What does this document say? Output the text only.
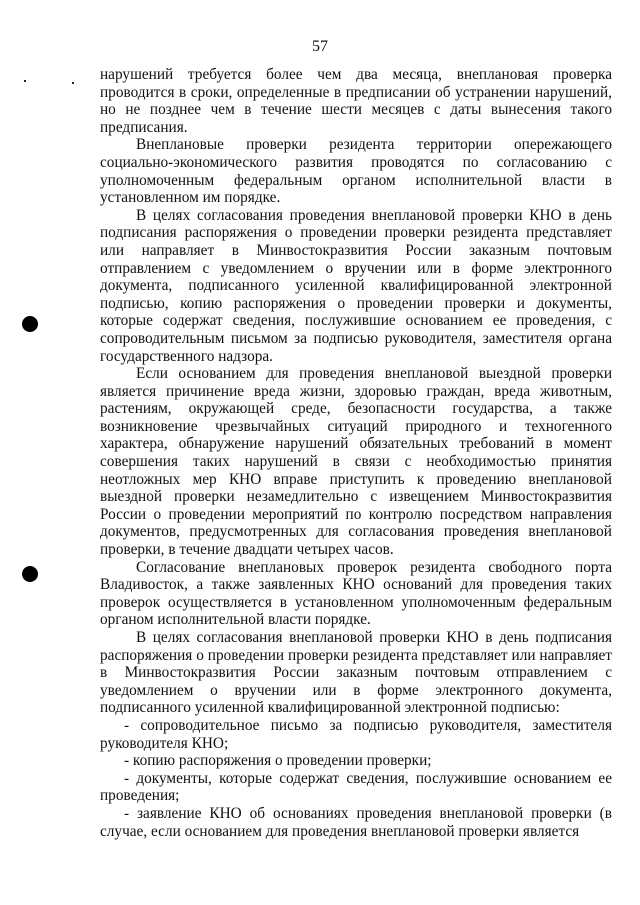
57

нарушений требуется более чем два месяца, внеплановая проверка проводится в сроки, определенные в предписании об устранении нарушений, но не позднее чем в течение шести месяцев с даты вынесения такого предписания.

Внеплановые проверки резидента территории опережающего социально-экономического развития проводятся по согласованию с уполномоченным федеральным органом исполнительной власти в установленном им порядке.

В целях согласования проведения внеплановой проверки КНО в день подписания распоряжения о проведении проверки резидента представляет или направляет в Минвостокразвития России заказным почтовым отправлением с уведомлением о вручении или в форме электронного документа, подписанного усиленной квалифицированной электронной подписью, копию распоряжения о проведении проверки и документы, которые содержат сведения, послужившие основанием ее проведения, с сопроводительным письмом за подписью руководителя, заместителя органа государственного надзора.

Если основанием для проведения внеплановой выездной проверки является причинение вреда жизни, здоровью граждан, вреда животным, растениям, окружающей среде, безопасности государства, а также возникновение чрезвычайных ситуаций природного и техногенного характера, обнаружение нарушений обязательных требований в момент совершения таких нарушений в связи с необходимостью принятия неотложных мер КНО вправе приступить к проведению внеплановой выездной проверки незамедлительно с извещением Минвостокразвития России о проведении мероприятий по контролю посредством направления документов, предусмотренных для согласования проведения внеплановой проверки, в течение двадцати четырех часов.

Согласование внеплановых проверок резидента свободного порта Владивосток, а также заявленных КНО оснований для проведения таких проверок осуществляется в установленном уполномоченным федеральным органом исполнительной власти порядке.

В целях согласования внеплановой проверки КНО в день подписания распоряжения о проведении проверки резидента представляет или направляет в Минвостокразвития России заказным почтовым отправлением с уведомлением о вручении или в форме электронного документа, подписанного усиленной квалифицированной электронной подписью:

- сопроводительное письмо за подписью руководителя, заместителя руководителя КНО;

- копию распоряжения о проведении проверки;

- документы, которые содержат сведения, послужившие основанием ее проведения;

- заявление КНО об основаниях проведения внеплановой проверки (в случае, если основанием для проведения внеплановой проверки является
